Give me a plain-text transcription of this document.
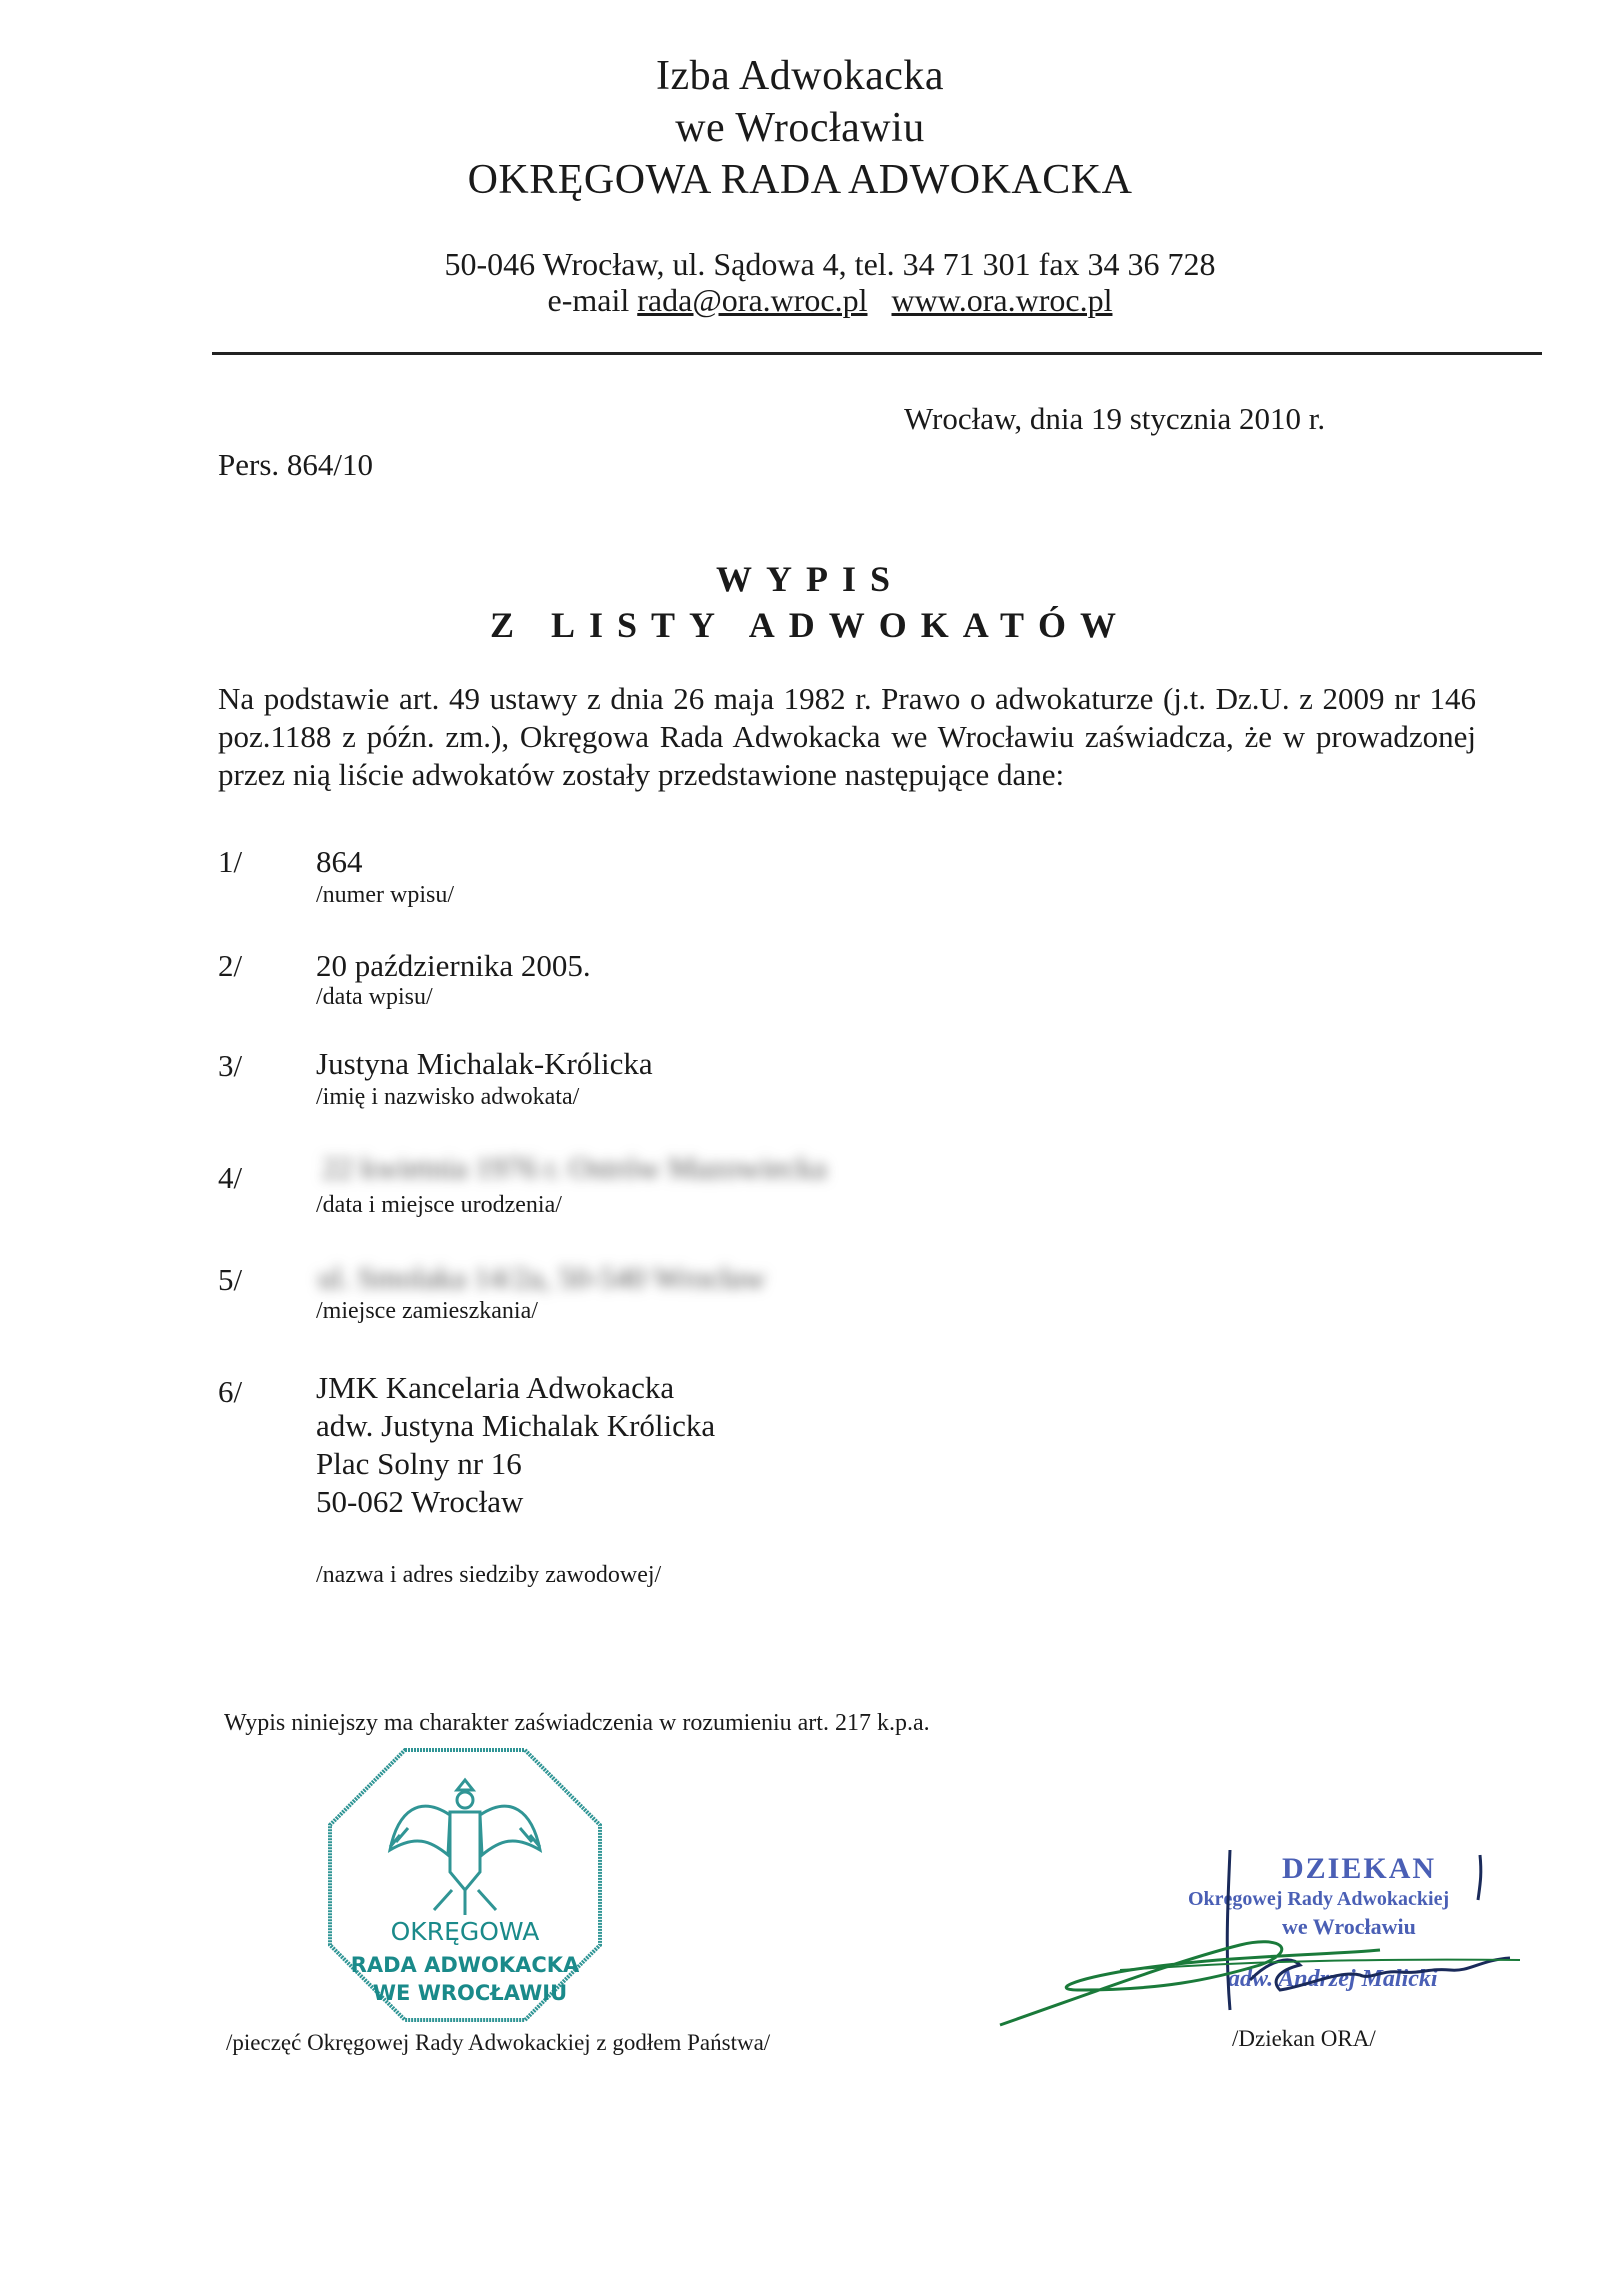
Izba Adwokacka
we Wrocławiu
OKRĘGOWA RADA ADWOKACKA
50-046 Wrocław, ul. Sądowa 4, tel. 34 71 301 fax 34 36 728
e-mail rada@ora.wroc.pl www.ora.wroc.pl
Wrocław, dnia 19 stycznia 2010 r.
Pers. 864/10
WYPIS
Z LISTY ADWOKATÓW
Na podstawie art. 49 ustawy z dnia 26 maja 1982 r. Prawo o adwokaturze (j.t. Dz.U. z 2009 nr 146 poz.1188 z późn. zm.), Okręgowa Rada Adwokacka we Wrocławiu zaświadcza, że w prowadzonej przez nią liście adwokatów zostały przedstawione następujące dane:
1/ 864
/numer wpisu/
2/ 20 października 2005.
/data wpisu/
3/ Justyna Michalak-Królicka
/imię i nazwisko adwokata/
4/	22 kwietnia 1976 r. Ostrów Mazowiecka
/data i miejsce urodzenia/
5/ ul. Smolaka 14/2a, 50-540 Wrocław
/miejsce zamieszkania/
6/ JMK Kancelaria Adwokacka
adw. Justyna Michalak Królicka
Plac Solny nr 16
50-062 Wrocław
/nazwa i adres siedziby zawodowej/
Wypis niniejszy ma charakter zaświadczenia w rozumieniu art. 217 k.p.a.
OKRĘGOWA
RADA ADWOKACKA
WE WROCŁAWIU
/pieczęć Okręgowej Rady Adwokackiej z godłem Państwa/
DZIEKAN
Okręgowej Rady Adwokackiej
we Wrocławiu
adw. Andrzej Malicki
/Dziekan ORA/
